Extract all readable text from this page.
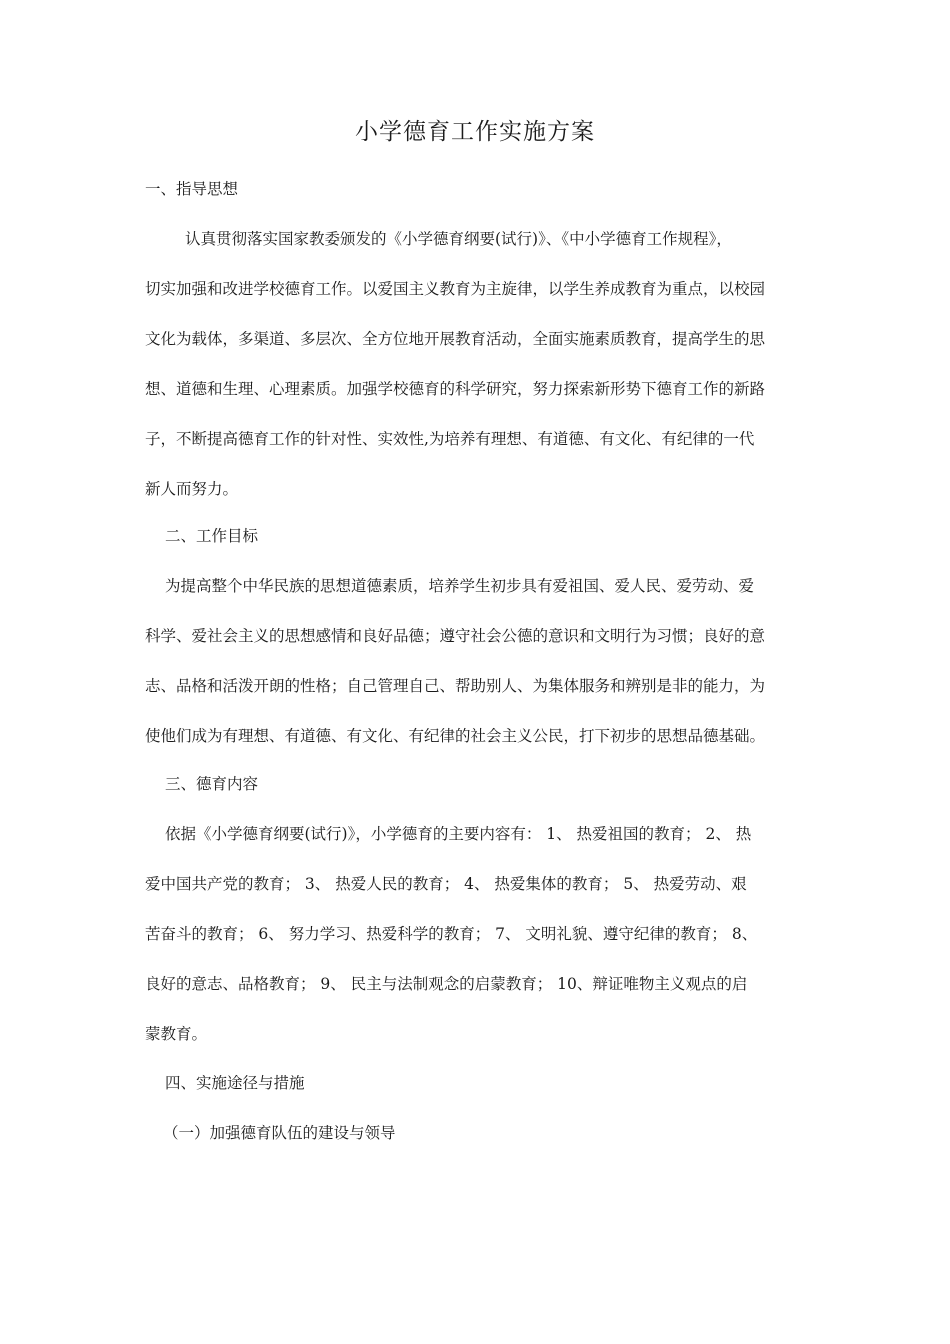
小学德育工作实施方案

一、指导思想

认真贯彻落实国家教委颁发的《小学德育纲要(试行)》、《中小学德育工作规程》，
切实加强和改进学校德育工作。以爱国主义教育为主旋律，以学生养成教育为重点，以校园
文化为载体，多渠道、多层次、全方位地开展教育活动，全面实施素质教育，提高学生的思
想、道德和生理、心理素质。加强学校德育的科学研究，努力探索新形势下德育工作的新路
子，不断提高德育工作的针对性、实效性,为培养有理想、有道德、有文化、有纪律的一代
新人而努力。

二、工作目标

为提高整个中华民族的思想道德素质，培养学生初步具有爱祖国、爱人民、爱劳动、爱
科学、爱社会主义的思想感情和良好品德；遵守社会公德的意识和文明行为习惯；良好的意
志、品格和活泼开朗的性格；自己管理自己、帮助别人、为集体服务和辨别是非的能力，为
使他们成为有理想、有道德、有文化、有纪律的社会主义公民，打下初步的思想品德基础。

三、德育内容

依据《小学德育纲要(试行)》，小学德育的主要内容有： 1、 热爱祖国的教育； 2、 热
爱中国共产党的教育； 3、 热爱人民的教育； 4、 热爱集体的教育； 5、 热爱劳动、艰
苦奋斗的教育； 6、 努力学习、热爱科学的教育； 7、 文明礼貌、遵守纪律的教育； 8、
良好的意志、品格教育； 9、 民主与法制观念的启蒙教育； 10、辩证唯物主义观点的启
蒙教育。

四、实施途径与措施

（一）加强德育队伍的建设与领导
